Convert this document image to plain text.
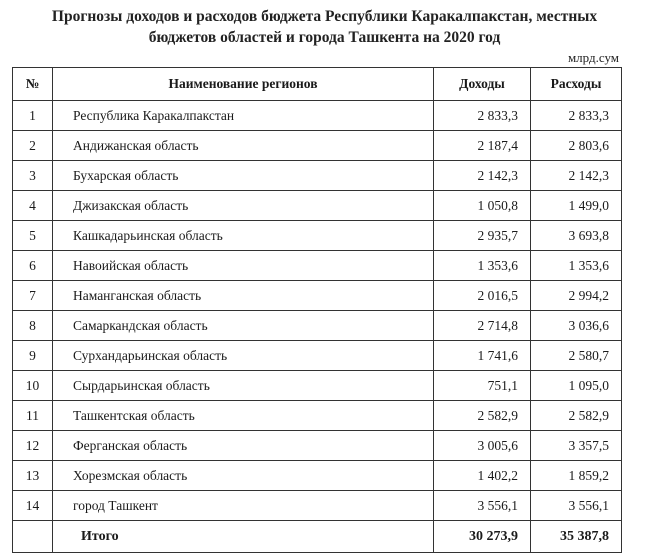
Прогнозы доходов и расходов бюджета Республики Каракалпакстан, местных
бюджетов областей и города Ташкента на 2020 год
млрд.сум
№	Наименование регионов	Доходы	Расходы
1	Республика Каракалпакстан	2 833,3	2 833,3
2	Андижанская область	2 187,4	2 803,6
3	Бухарская область	2 142,3	2 142,3
4	Джизакская область	1 050,8	1 499,0
5	Кашкадарьинская область	2 935,7	3 693,8
6	Навоийская область	1 353,6	1 353,6
7	Наманганская область	2 016,5	2 994,2
8	Самаркандская область	2 714,8	3 036,6
9	Сурхандарьинская область	1 741,6	2 580,7
10	Сырдарьинская область	751,1	1 095,0
11	Ташкентская область	2 582,9	2 582,9
12	Ферганская область	3 005,6	3 357,5
13	Хорезмская область	1 402,2	1 859,2
14	город Ташкент	3 556,1	3 556,1
	Итого	30 273,9	35 387,8
